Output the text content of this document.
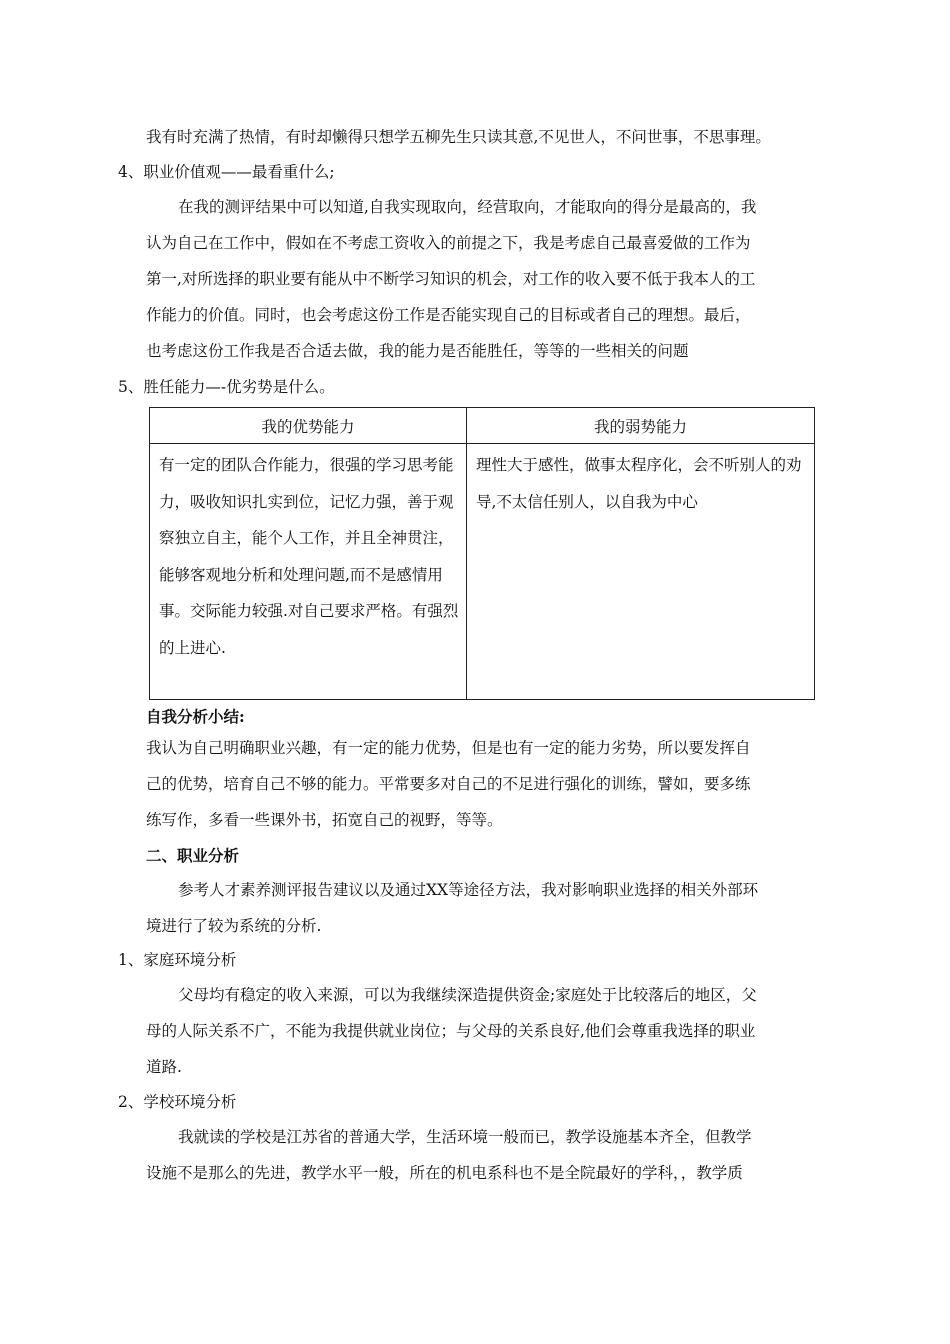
我有时充满了热情，有时却懒得只想学五柳先生只读其意,不见世人，不问世事，不思事理。
4、职业价值观——最看重什么;
在我的测评结果中可以知道,自我实现取向，经营取向，才能取向的得分是最高的，我
认为自己在工作中，假如在不考虑工资收入的前提之下，我是考虑自己最喜爱做的工作为
第一,对所选择的职业要有能从中不断学习知识的机会，对工作的收入要不低于我本人的工
作能力的价值。同时，也会考虑这份工作是否能实现自己的目标或者自己的理想。最后，
也考虑这份工作我是否合适去做，我的能力是否能胜任，等等的一些相关的问题
5、胜任能力—-优劣势是什么。
我的优势能力	我的弱势能力

有一定的团队合作能力，很强的学习思考能力，吸收知识扎实到位，记忆力强，善于观察独立自主，能个人工作，并且全神贯注，能够客观地分析和处理问题,而不是感情用事。交际能力较强.对自己要求严格。有强烈的上进心.	理性大于感性，做事太程序化，会不听别人的劝导,不太信任别人，以自我为中心
自我分析小结:
我认为自己明确职业兴趣，有一定的能力优势，但是也有一定的能力劣势，所以要发挥自
己的优势，培育自己不够的能力。平常要多对自己的不足进行强化的训练，譬如，要多练
练写作，多看一些课外书，拓宽自己的视野，等等。
二、职业分析
参考人才素养测评报告建议以及通过XX等途径方法，我对影响职业选择的相关外部环
境进行了较为系统的分析.
1、家庭环境分析
父母均有稳定的收入来源，可以为我继续深造提供资金;家庭处于比较落后的地区，父
母的人际关系不广，不能为我提供就业岗位；与父母的关系良好,他们会尊重我选择的职业
道路.
2、学校环境分析
我就读的学校是江苏省的普通大学，生活环境一般而已，教学设施基本齐全，但教学
设施不是那么的先进，教学水平一般，所在的机电系科也不是全院最好的学科，，教学质
